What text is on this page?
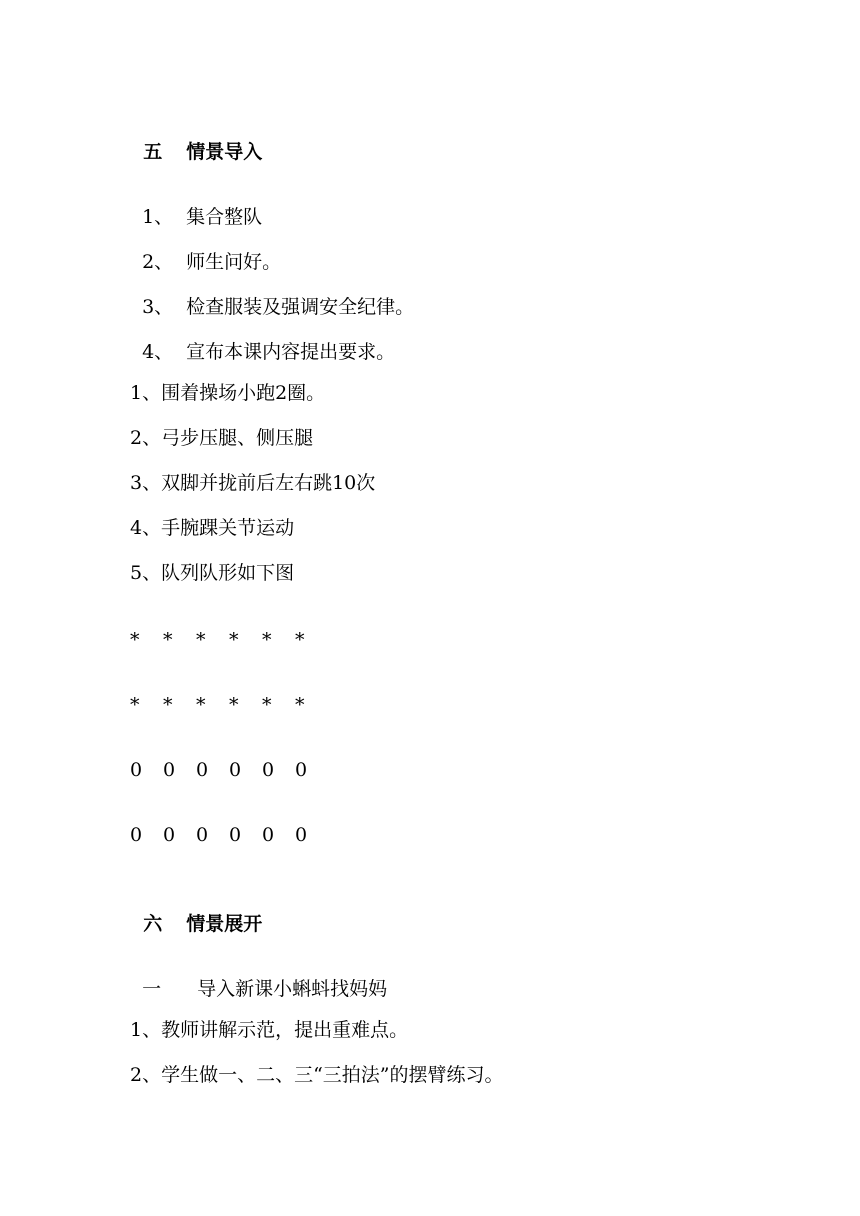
五 情景导入

1、 集合整队

2、 师生问好。

3、 检查服装及强调安全纪律。

4、 宣布本课内容提出要求。

1、围着操场小跑2圈。
2、弓步压腿、侧压腿
3、双脚并拢前后左右跳10次
4、手腕踝关节运动
5、队列队形如下图
* * * * * *
* * * * * *
0 0 0 0 0 0
0 0 0 0 0 0

六 情景展开

一 导入新课小蝌蚪找妈妈

1、教师讲解示范，提出重难点。
2、学生做一、二、三“三拍法”的摆臂练习。
